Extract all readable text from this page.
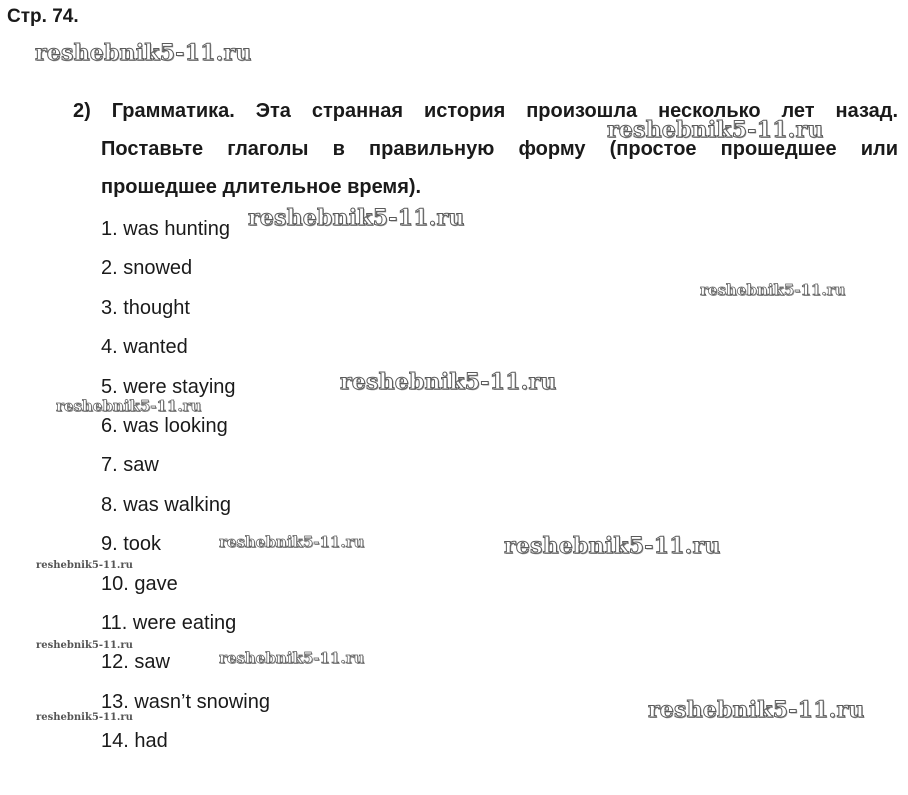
Стр. 74.
2) Грамматика. Эта странная история произошла несколько лет назад.
Поставьте глаголы в правильную форму (простое прошедшее или
прошедшее длительное время).
1. was hunting
2. snowed
3. thought
4. wanted
5. were staying
6. was looking
7. saw
8. was walking
9. took
10. gave
11. were eating
12. saw
13. wasn’t snowing
14. had
reshebnik5-11.ru
reshebnik5-11.ru
reshebnik5-11.ru
reshebnik5-11.ru
reshebnik5-11.ru
reshebnik5-11.ru
reshebnik5-11.ru	reshebnik5-11.ru
reshebnik5-11.ru
reshebnik5-11.ru
reshebnik5-11.ru
reshebnik5-11.ru
reshebnik5-11.ru
